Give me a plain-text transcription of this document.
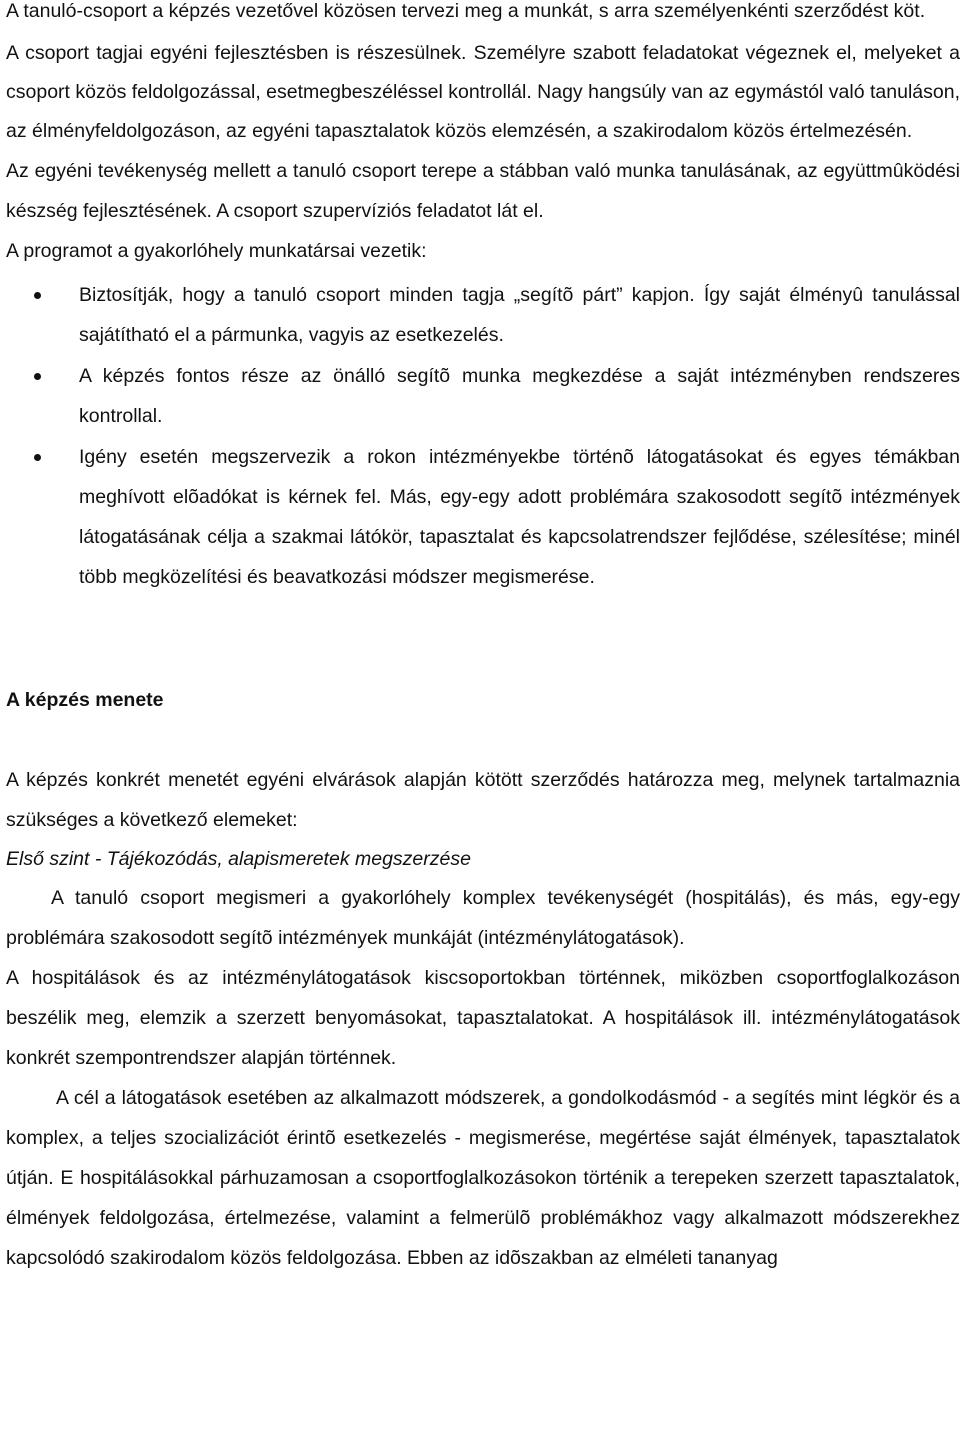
A tanuló-csoport a képzés vezetővel közösen tervezi meg a munkát, s arra személyenkénti szerződést köt.

A csoport tagjai egyéni fejlesztésben is részesülnek. Személyre szabott feladatokat végeznek el, melyeket a csoport közös feldolgozással, esetmegbeszéléssel kontrollál. Nagy hangsúly van az egymástól való tanuláson, az élményfeldolgozáson, az egyéni tapasztalatok közös elemzésén, a szakirodalom közös értelmezésén.

Az egyéni tevékenység mellett a tanuló csoport terepe a stábban való munka tanulásának, az együttmûködési készség fejlesztésének. A csoport szupervíziós feladatot lát el.

A programot a gyakorlóhely munkatársai vezetik:

Biztosítják, hogy a tanuló csoport minden tagja „segítõ párt” kapjon. Így saját élményû tanulással sajátítható el a pármunka, vagyis az esetkezelés.
A képzés fontos része az önálló segítõ munka megkezdése a saját intézményben rendszeres kontrollal.
Igény esetén megszervezik a rokon intézményekbe történõ látogatásokat és egyes témákban meghívott elõadókat is kérnek fel. Más, egy-egy adott problémára szakosodott segítõ intézmények látogatásának célja a szakmai látókör, tapasztalat és kapcsolatrendszer fejlődése, szélesítése; minél több megközelítési és beavatkozási módszer megismerése.
A képzés menete

A képzés konkrét menetét egyéni elvárások alapján kötött szerződés határozza meg, melynek tartalmaznia szükséges a következő elemeket:

Első szint - Tájékozódás, alapismeretek megszerzése

A tanuló csoport megismeri a gyakorlóhely komplex tevékenységét (hospitálás), és más, egy-egy problémára szakosodott segítõ intézmények munkáját (intézménylátogatások).

A hospitálások és az intézménylátogatások kiscsoportokban történnek, miközben csoportfoglalkozáson beszélik meg, elemzik a szerzett benyomásokat, tapasztalatokat. A hospitálások ill. intézménylátogatások konkrét szempontrendszer alapján történnek.

A cél a látogatások esetében az alkalmazott módszerek, a gondolkodásmód - a segítés mint légkör és a komplex, a teljes szocializációt érintõ esetkezelés - megismerése, megértése saját élmények, tapasztalatok útján. E hospitálásokkal párhuzamosan a csoportfoglalkozásokon történik a terepeken szerzett tapasztalatok, élmények feldolgozása, értelmezése, valamint a felmerülõ problémákhoz vagy alkalmazott módszerekhez kapcsolódó szakirodalom közös feldolgozása. Ebben az idõszakban az elméleti tananyag
